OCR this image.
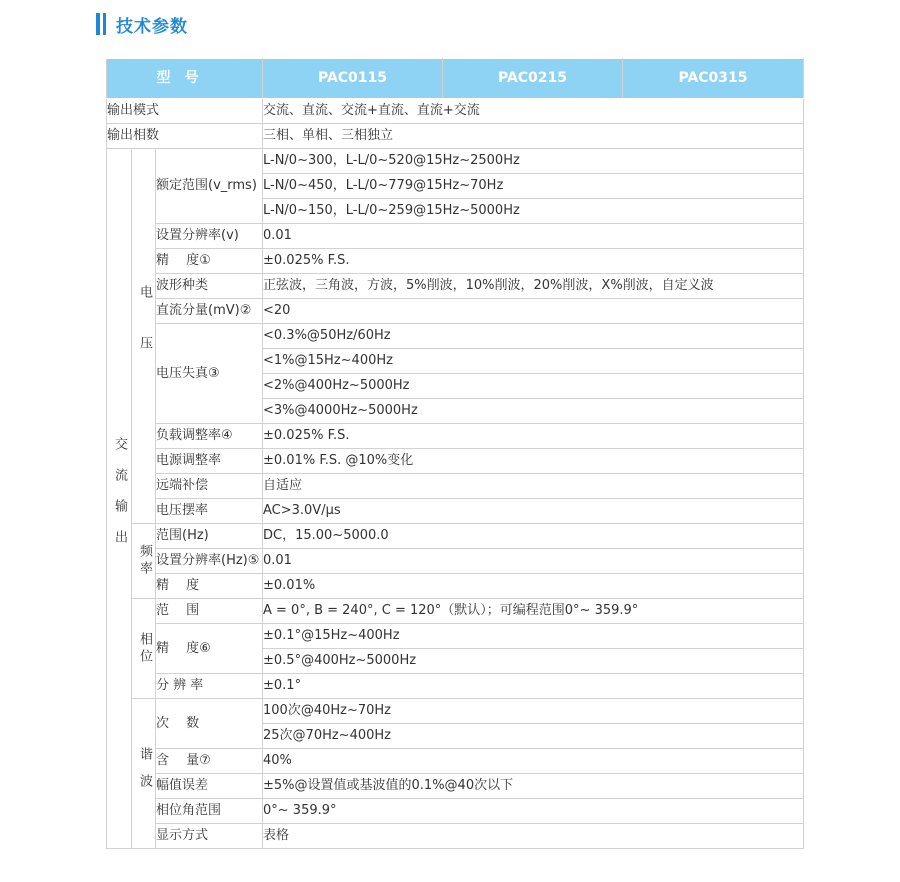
技术参数
型号			PAC0115	PAC0215	PAC0315
输出模式			交流、直流、交流+直流、直流+交流		
输出相数			三相、单相、三相独立		

交流输出	电压	额定范围(v_rms)	L-N/0~300，L-L/0~520@15Hz~2500Hz		
			L-N/0~450，L-L/0~779@15Hz~70Hz		
			L-N/0~150，L-L/0~259@15Hz~5000Hz		
		设置分辨率(v)	0.01		
		精　 度①	±0.025% F.S.		
		波形种类	正弦波，三角波，方波，5%削波，10%削波，20%削波，X%削波，自定义波		
		直流分量(mV)②	<20		
		电压失真③	<0.3%@50Hz/60Hz		
			<1%@15Hz~400Hz		
			<2%@400Hz~5000Hz		
			<3%@4000Hz~5000Hz		
		负载调整率④	±0.025% F.S.		
		电源调整率	±0.01% F.S. @10%变化		
		远端补偿	自适应		
		电压摆率	AC>3.0V/μs		

	频率	范围(Hz)	DC，15.00~5000.0		
		设置分辨率(Hz)⑤	0.01		
		精　 度	±0.01%		

	相位	范　 围	A = 0°, B = 240°, C = 120°（默认）；可编程范围0°~ 359.9°		
		精　 度⑥	±0.1°@15Hz~400Hz		
			±0.5°@400Hz~5000Hz		
		分 辨 率	±0.1°		

	谐波	次　 数	100次@40Hz~70Hz		
			25次@70Hz~400Hz		
		含　 量⑦	40%		
		幅值误差	±5%@设置值或基波值的0.1%@40次以下		
		相位角范围	0°~ 359.9°		
		显示方式	表格		
